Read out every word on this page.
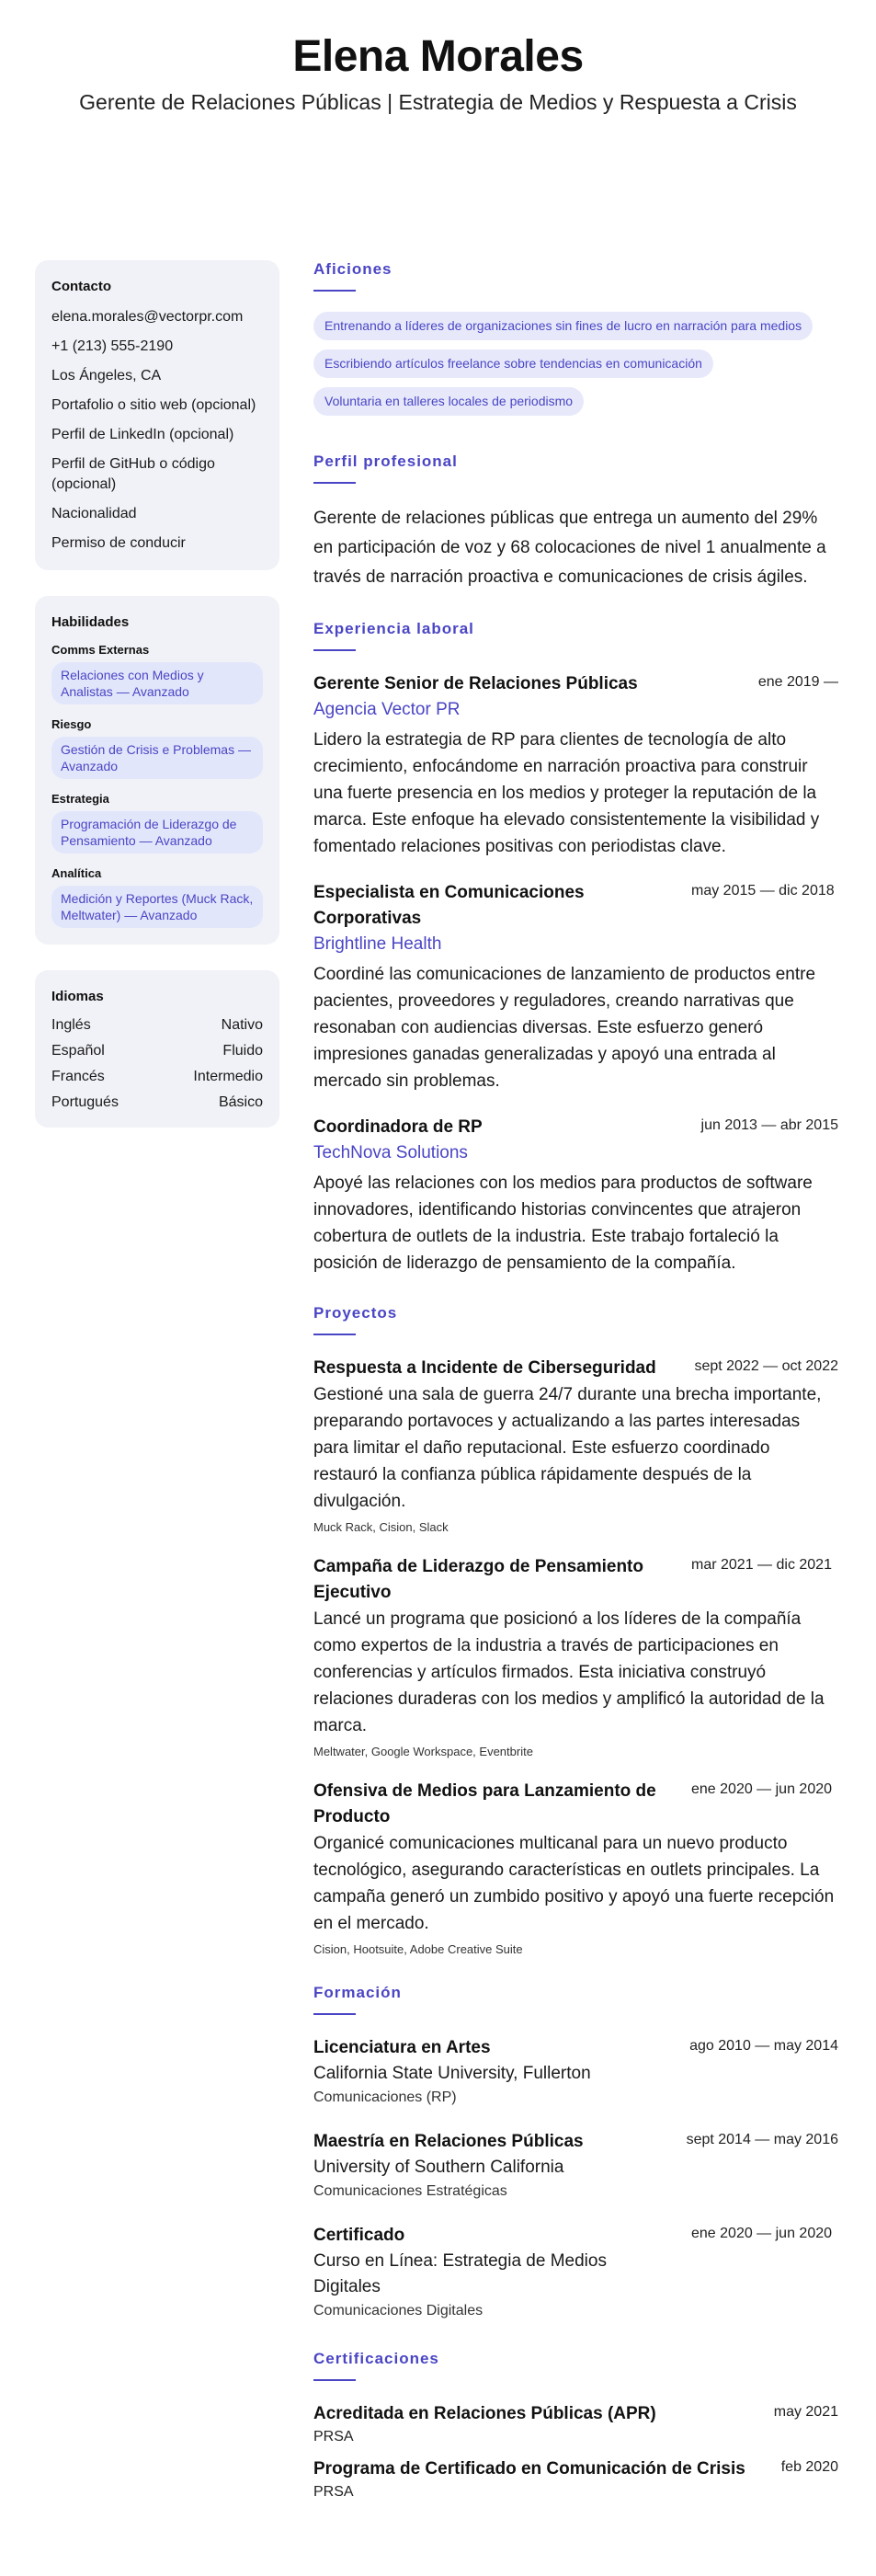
Elena Morales
Gerente de Relaciones Públicas | Estrategia de Medios y Respuesta a Crisis
Contacto
elena.morales@vectorpr.com
+1 (213) 555-2190
Los Ángeles, CA
Portafolio o sitio web (opcional)
Perfil de LinkedIn (opcional)
Perfil de GitHub o código (opcional)
Nacionalidad
Permiso de conducir
Habilidades
Comms Externas
Relaciones con Medios y Analistas — Avanzado
Riesgo
Gestión de Crisis e Problemas — Avanzado
Estrategia
Programación de Liderazgo de Pensamiento — Avanzado
Analítica
Medición y Reportes (Muck Rack, Meltwater) — Avanzado
Idiomas
Inglés	Nativo
Español	Fluido
Francés	Intermedio
Portugués	Básico
Aficiones
Entrenando a líderes de organizaciones sin fines de lucro en narración para medios
Escribiendo artículos freelance sobre tendencias en comunicación
Voluntaria en talleres locales de periodismo
Perfil profesional

Gerente de relaciones públicas que entrega un aumento del 29% en participación de voz y 68 colocaciones de nivel 1 anualmente a través de narración proactiva e comunicaciones de crisis ágiles.

Experiencia laboral
Gerente Senior de Relaciones Públicas	ene 2019 —
Agencia Vector PR

Lidero la estrategia de RP para clientes de tecnología de alto crecimiento, enfocándome en narración proactiva para construir una fuerte presencia en los medios y proteger la reputación de la marca. Este enfoque ha elevado consistentemente la visibilidad y fomentado relaciones positivas con periodistas clave.

Especialista en Comunicaciones Corporativas
may 2015 — dic 2018
Brightline Health

Coordiné las comunicaciones de lanzamiento de productos entre pacientes, proveedores y reguladores, creando narrativas que resonaban con audiencias diversas. Este esfuerzo generó impresiones ganadas generalizadas y apoyó una entrada al mercado sin problemas.

Coordinadora de RP	jun 2013 — abr 2015
TechNova Solutions

Apoyé las relaciones con los medios para productos de software innovadores, identificando historias convincentes que atrajeron cobertura de outlets de la industria. Este trabajo fortaleció la posición de liderazgo de pensamiento de la compañía.

Proyectos
Respuesta a Incidente de Ciberseguridad	sept 2022 — oct 2022

Gestioné una sala de guerra 24/7 durante una brecha importante, preparando portavoces y actualizando a las partes interesadas para limitar el daño reputacional. Este esfuerzo coordinado restauró la confianza pública rápidamente después de la divulgación.

Muck Rack, Cision, Slack
Campaña de Liderazgo de Pensamiento Ejecutivo
mar 2021 — dic 2021

Lancé un programa que posicionó a los líderes de la compañía como expertos de la industria a través de participaciones en conferencias y artículos firmados. Esta iniciativa construyó relaciones duraderas con los medios y amplificó la autoridad de la marca.

Meltwater, Google Workspace, Eventbrite
Ofensiva de Medios para Lanzamiento de Producto
ene 2020 — jun 2020

Organicé comunicaciones multicanal para un nuevo producto tecnológico, asegurando características en outlets principales. La campaña generó un zumbido positivo y apoyó una fuerte recepción en el mercado.

Cision, Hootsuite, Adobe Creative Suite
Formación
Licenciatura en Artes	ago 2010 — may 2014
California State University, Fullerton
Comunicaciones (RP)
Maestría en Relaciones Públicas	sept 2014 — may 2016
University of Southern California
Comunicaciones Estratégicas
Certificado
Curso en Línea: Estrategia de Medios Digitales
ene 2020 — jun 2020
Comunicaciones Digitales
Certificaciones
Acreditada en Relaciones Públicas (APR)	may 2021
PRSA
Programa de Certificado en Comunicación de Crisis feb 2020
PRSA
